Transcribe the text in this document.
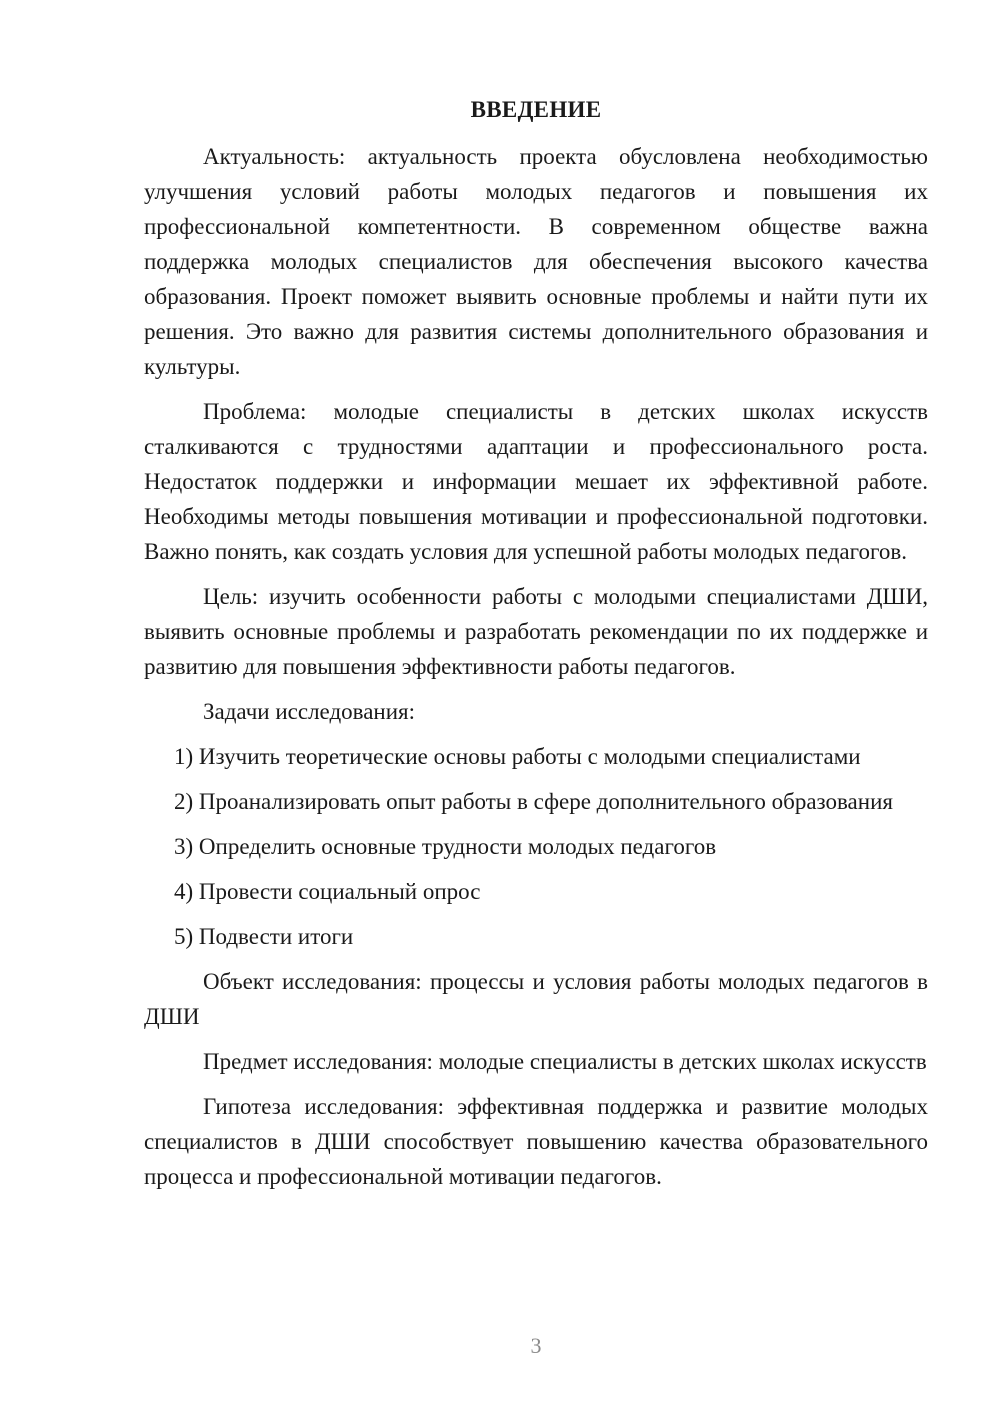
ВВЕДЕНИЕ

Актуальность: актуальность проекта обусловлена необходимостью улучшения условий работы молодых педагогов и повышения их профессиональной компетентности. В современном обществе важна поддержка молодых специалистов для обеспечения высокого качества образования. Проект поможет выявить основные проблемы и найти пути их решения. Это важно для развития системы дополнительного образования и культуры.

Проблема: молодые специалисты в детских школах искусств сталкиваются с трудностями адаптации и профессионального роста. Недостаток поддержки и информации мешает их эффективной работе. Необходимы методы повышения мотивации и профессиональной подготовки. Важно понять, как создать условия для успешной работы молодых педагогов.

Цель: изучить особенности работы с молодыми специалистами ДШИ, выявить основные проблемы и разработать рекомендации по их поддержке и развитию для повышения эффективности работы педагогов.

Задачи исследования:

1) Изучить теоретические основы работы с молодыми специалистами

2) Проанализировать опыт работы в сфере дополнительного образования

3) Определить основные трудности молодых педагогов

4) Провести социальный опрос

5) Подвести итоги

Объект исследования: процессы и условия работы молодых педагогов в ДШИ

Предмет исследования: молодые специалисты в детских школах искусств

Гипотеза исследования: эффективная поддержка и развитие молодых специалистов в ДШИ способствует повышению качества образовательного процесса и профессиональной мотивации педагогов.

3
